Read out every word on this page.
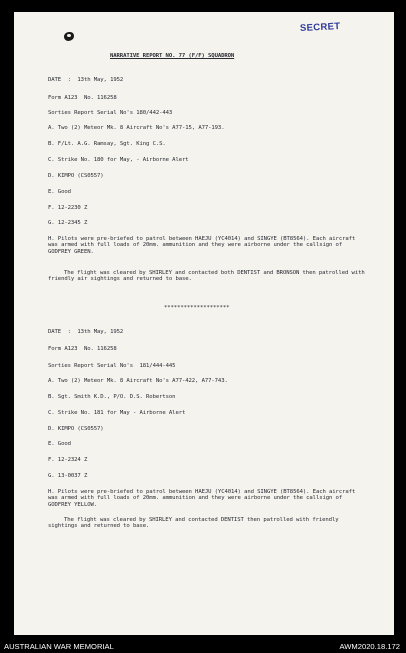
SECRET
NARRATIVE REPORT NO. 77 (F/F) SQUADRON
DATE  :  13th May, 1952
Form A123  No. 116258
Sorties Report Serial No's 180/442-443
A. Two (2) Meteor Mk. 8 Aircraft No's A77-15, A77-193.
B. F/Lt. A.G. Ramsay, Sgt. King C.S.
C. Strike No. 180 for May, - Airborne Alert
D. KIMPO (CS0557)
E. Good
F. 12-2230 Z
G. 12-2345 Z
H. Pilots were pre-briefed to patrol between HAEJU (YC4014) and SINGYE (BT8564). Each aircraft was armed with full loads of 20mm. ammunition and they were airborne under the callsign of GODFREY GREEN.
The flight was cleared by SHIRLEY and contacted both DENTIST and BRONSON then patrolled with friendly air sightings and returned to base.
********************
DATE  :  13th May, 1952
Form A123  No. 116258
Sorties Report Serial No's  181/444-445
A. Two (2) Meteor Mk. 8 Aircraft No's A77-422, A77-743.
B. Sgt. Smith K.D., P/O. D.S. Robertson
C. Strike No. 181 for May - Airborne Alert
D. KIMPO (CS0557)
E. Good
F. 12-2324 Z
G. 13-0037 Z
H. Pilots were pre-briefed to patrol between HAEJU (YC4014) and SINGYE (BT8564). Each aircraft was armed with full loads of 20mm. ammunition and they were airborne under the callsign of GODFREY YELLOW.
The flight was cleared by SHIRLEY and contacted DENTIST then patrolled with friendly sightings and returned to base.
AUSTRALIAN WAR MEMORIAL	AWM2020.18.172
